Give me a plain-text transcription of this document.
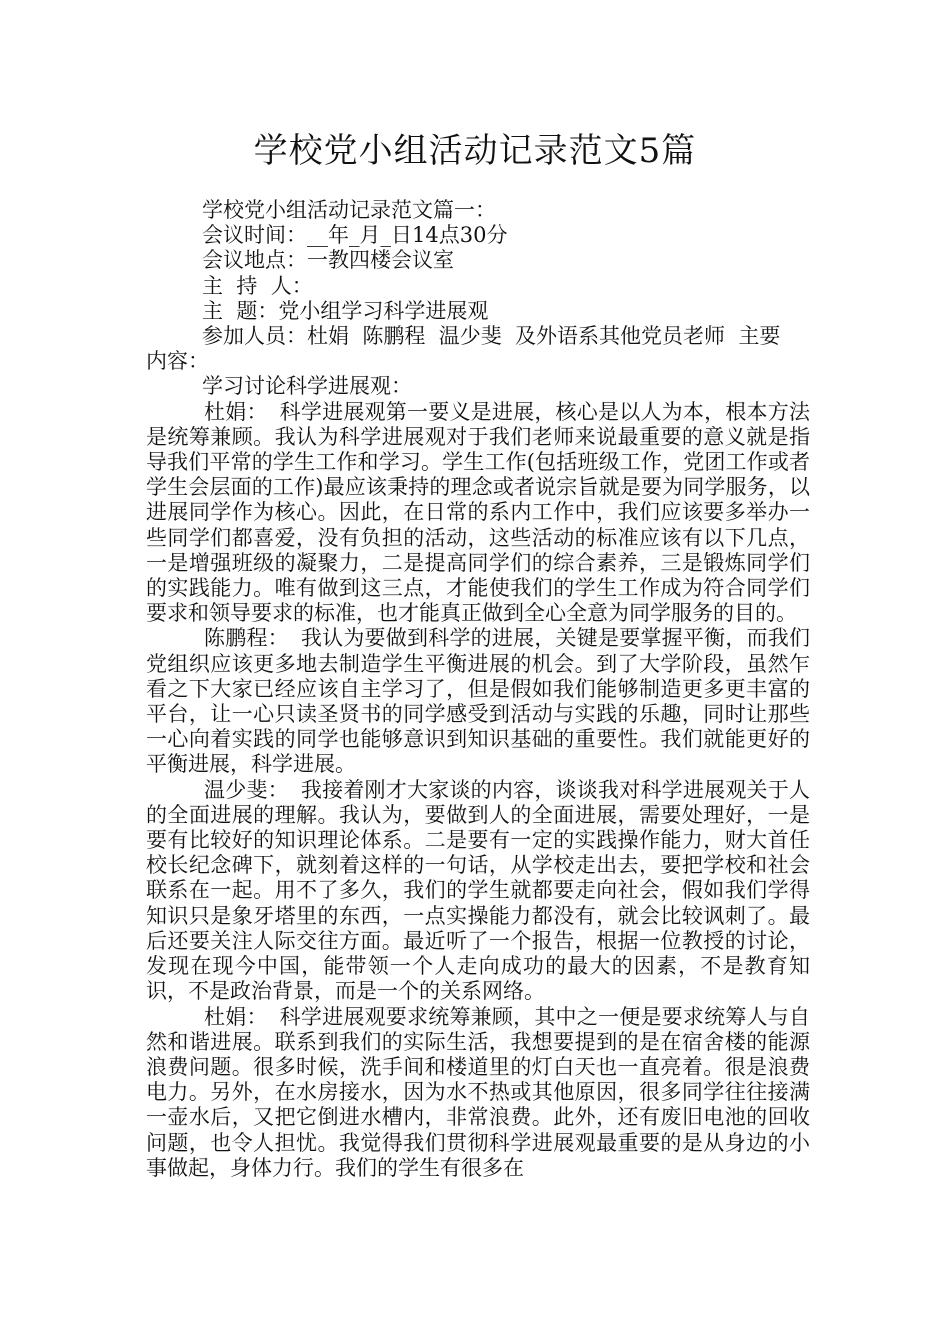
学校党小组活动记录范文5篇

学校党小组活动记录范文篇一：

会议时间：__年_月_日14点30分

会议地点：一教四楼会议室

主  持  人：

主  题：党小组学习科学进展观

参加人员：杜娟  陈鹏程  温少斐  及外语系其他党员老师  主要

内容：

学习讨论科学进展观：

杜娟： 科学进展观第一要义是进展，核心是以人为本，根本方法是统筹兼顾。我认为科学进展观对于我们老师来说最重要的意义就是指导我们平常的学生工作和学习。学生工作(包括班级工作，党团工作或者学生会层面的工作)最应该秉持的理念或者说宗旨就是要为同学服务，以进展同学作为核心。因此，在日常的系内工作中，我们应该要多举办一些同学们都喜爱，没有负担的活动，这些活动的标准应该有以下几点，一是增强班级的凝聚力，二是提高同学们的综合素养，三是锻炼同学们的实践能力。唯有做到这三点，才能使我们的学生工作成为符合同学们要求和领导要求的标准，也才能真正做到全心全意为同学服务的目的。

陈鹏程： 我认为要做到科学的进展，关键是要掌握平衡，而我们党组织应该更多地去制造学生平衡进展的机会。到了大学阶段，虽然乍看之下大家已经应该自主学习了，但是假如我们能够制造更多更丰富的平台，让一心只读圣贤书的同学感受到活动与实践的乐趣，同时让那些一心向着实践的同学也能够意识到知识基础的重要性。我们就能更好的平衡进展，科学进展。

温少斐： 我接着刚才大家谈的内容，谈谈我对科学进展观关于人的全面进展的理解。我认为，要做到人的全面进展，需要处理好，一是要有比较好的知识理论体系。二是要有一定的实践操作能力，财大首任校长纪念碑下，就刻着这样的一句话，从学校走出去，要把学校和社会联系在一起。用不了多久，我们的学生就都要走向社会，假如我们学得知识只是象牙塔里的东西，一点实操能力都没有，就会比较讽刺了。最后还要关注人际交往方面。最近听了一个报告，根据一位教授的讨论，发现在现今中国，能带领一个人走向成功的最大的因素，不是教育知识，不是政治背景，而是一个的关系网络。

杜娟： 科学进展观要求统筹兼顾，其中之一便是要求统筹人与自然和谐进展。联系到我们的实际生活，我想要提到的是在宿舍楼的能源浪费问题。很多时候，洗手间和楼道里的灯白天也一直亮着。很是浪费电力。另外，在水房接水，因为水不热或其他原因，很多同学往往接满一壶水后，又把它倒进水槽内，非常浪费。此外，还有废旧电池的回收问题，也令人担忧。我觉得我们贯彻科学进展观最重要的是从身边的小事做起，身体力行。我们的学生有很多在
